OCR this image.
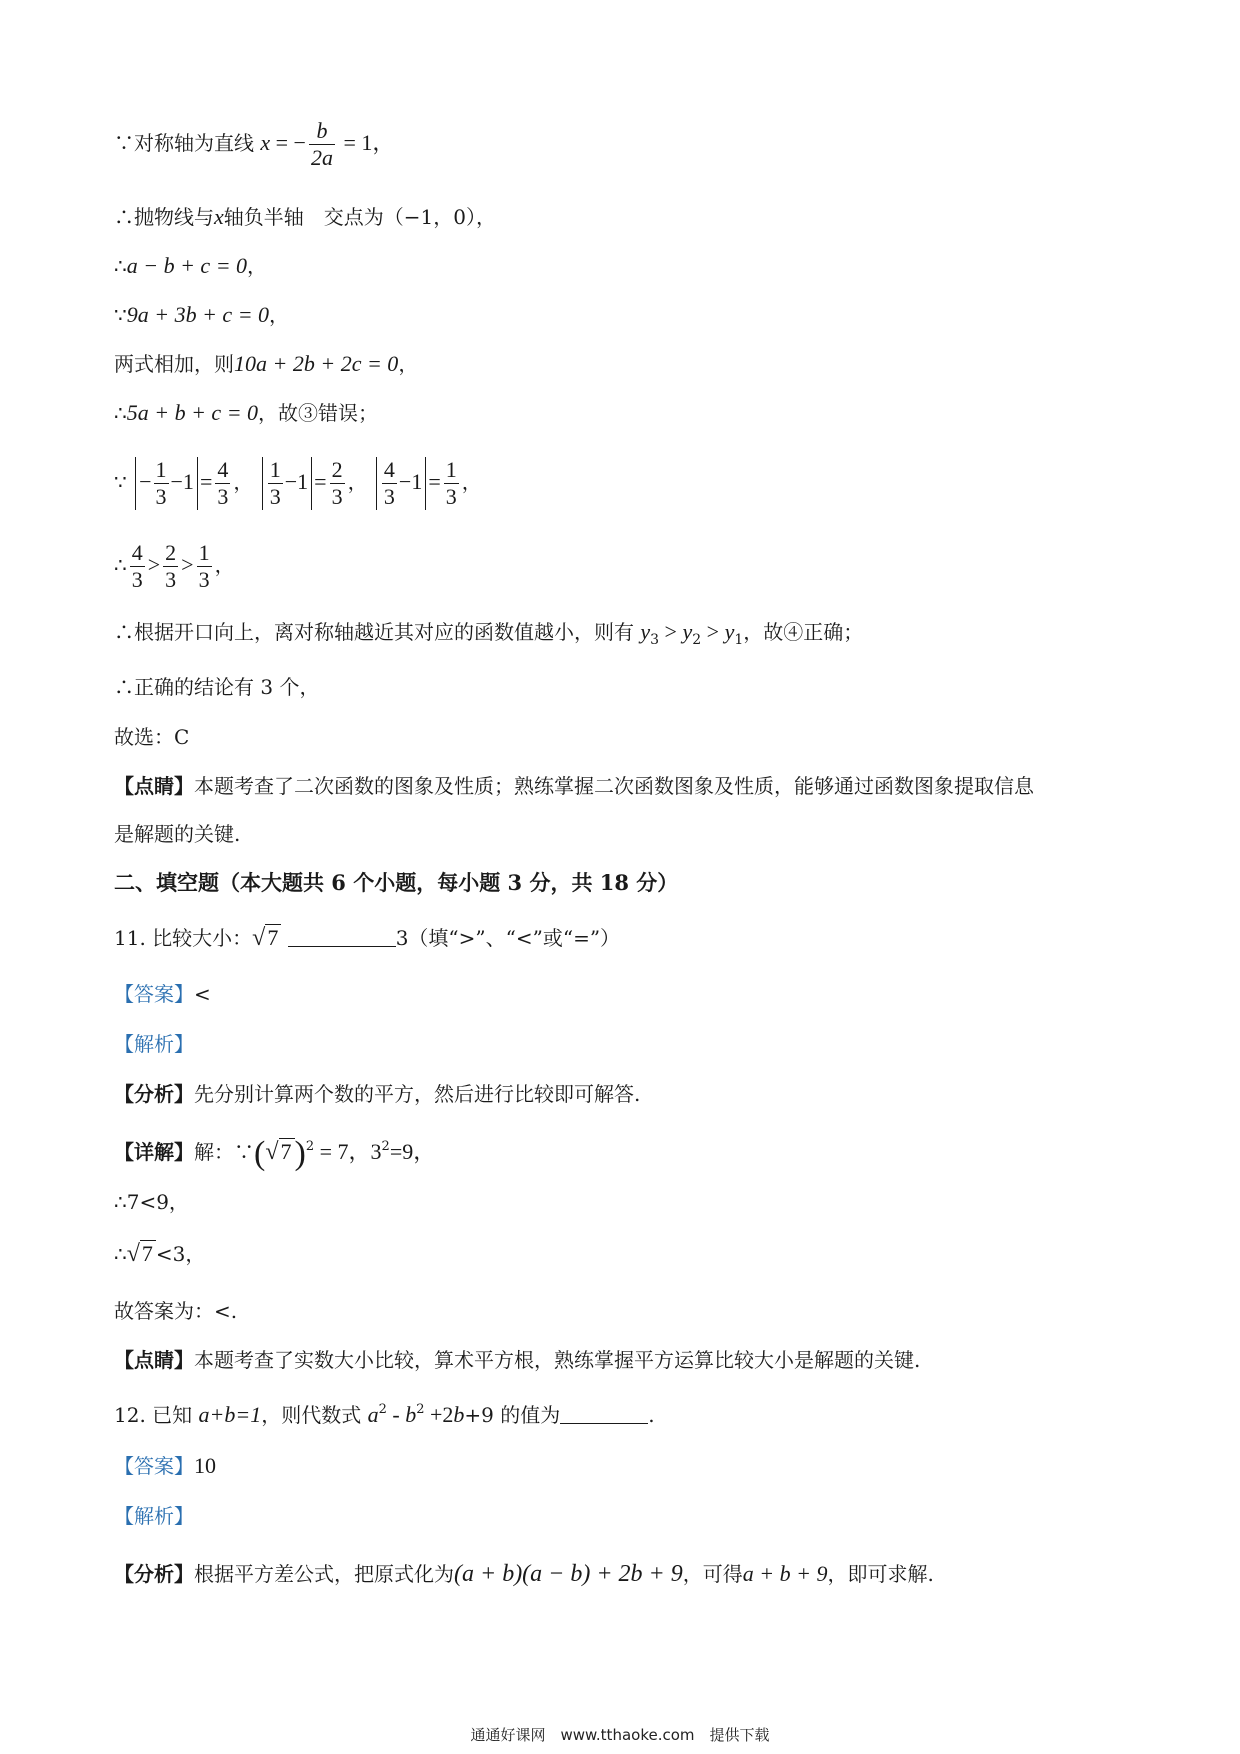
∵对称轴为直线 x = − $\frac{b}{2a} = 1$，
∴抛物线与x轴负半轴　交点为（−1，0），
∴a − b + c = 0，
∵9a + 3b + c = 0，
两式相加，则10a + 2b + 2c = 0，
∴5a + b + c = 0，故③错误；
∵ − $\frac{1}{3} -1 = \frac{4}{3}$ ， $\frac{1}{3} -1 = \frac{2}{3}$ ， $\frac{4}{3} -1 = \frac{1}{3}$ ，
∴ $\frac{4}{3} > \frac{2}{3} > \frac{1}{3}$ ，
∴根据开口向上，离对称轴越近其对应的函数值越小，则有 $y_3 > y_2 > y_1$，故④正确；
∴正确的结论有 3 个，
故选：C
【点睛】本题考查了二次函数的图象及性质；熟练掌握二次函数图象及性质，能够通过函数图象提取信息
是解题的关键.
二、填空题（本大题共 6 个小题，每小题 3 分，共 18 分）
11. 比较大小：√7	3（填“>”、“<”或“=”）
【答案】<
【解析】
【分析】先分别计算两个数的平方，然后进行比较即可解答.
【详解】解：$\because(√7)^2 = 7$，$3^2=9$，
∴7<9，
∴√7 <3，
故答案为：<.
【点睛】本题考查了实数大小比较，算术平方根，熟练掌握平方运算比较大小是解题的关键.
12. 已知 a+b=1，则代数式 $a^2 - b^2 +2b+9$ 的值为	.
【答案】10
【解析】
【分析】根据平方差公式，把原式化为(a + b)(a − b) + 2b + 9，可得a + b + 9，即可求解.
通通好课网　www.tthaoke.com　提供下载
